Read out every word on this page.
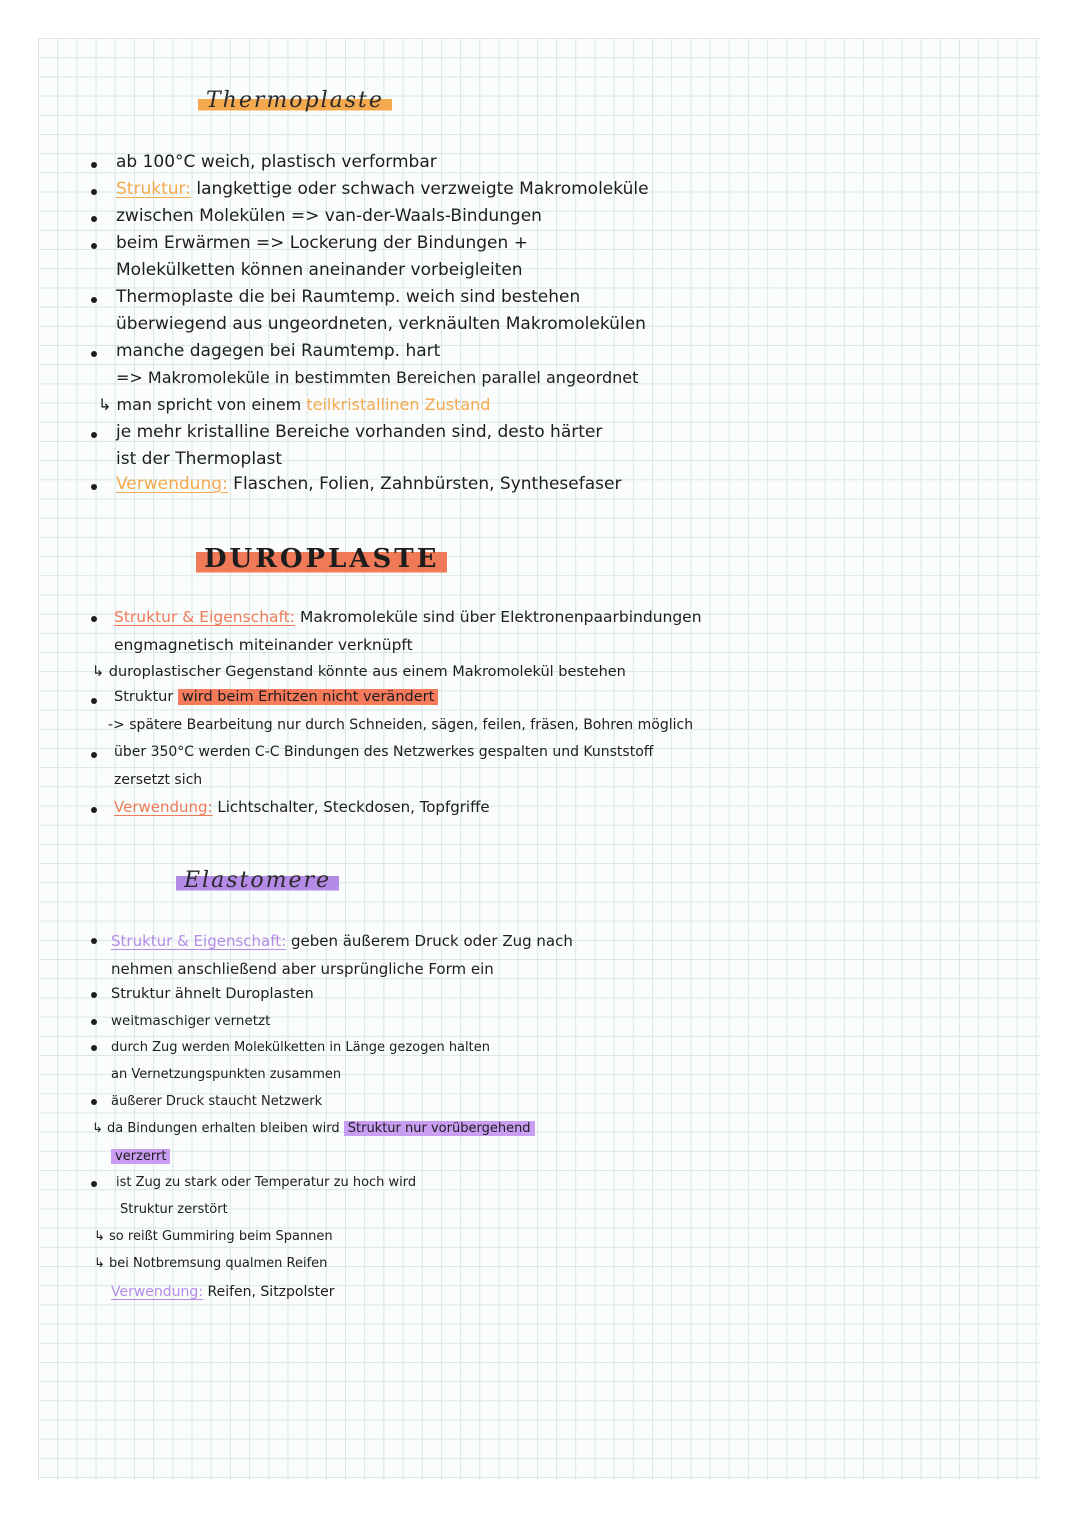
Thermoplaste
ab 100°C weich, plastisch verformbar
Struktur: langkettige oder schwach verzweigte Makromoleküle
zwischen Molekülen => van-der-Waals-Bindungen
beim Erwärmen => Lockerung der Bindungen +
Molekülketten können aneinander vorbeigleiten
Thermoplaste die bei Raumtemp. weich sind bestehen
überwiegend aus ungeordneten, verknäulten Makromolekülen
manche dagegen bei Raumtemp. hart
=> Makromoleküle in bestimmten Bereichen parallel angeordnet
↳ man spricht von einem teilkristallinen Zustand
je mehr kristalline Bereiche vorhanden sind, desto härter
ist der Thermoplast
Verwendung: Flaschen, Folien, Zahnbürsten, Synthesefaser
DUROPLASTE
Struktur & Eigenschaft: Makromoleküle sind über Elektronenpaarbindungen
engmagnetisch miteinander verknüpft
↳ duroplastischer Gegenstand könnte aus einem Makromolekül bestehen
Struktur wird beim Erhitzen nicht verändert
-> spätere Bearbeitung nur durch Schneiden, sägen, feilen, fräsen, Bohren möglich
über 350°C werden C-C Bindungen des Netzwerkes gespalten und Kunststoff
zersetzt sich
Verwendung: Lichtschalter, Steckdosen, Topfgriffe
Elastomere
Struktur & Eigenschaft: geben äußerem Druck oder Zug nach
nehmen anschließend aber ursprüngliche Form ein
Struktur ähnelt Duroplasten
weitmaschiger vernetzt
durch Zug werden Molekülketten in Länge gezogen halten
an Vernetzungspunkten zusammen
äußerer Druck staucht Netzwerk
↳ da Bindungen erhalten bleiben wird Struktur nur vorübergehend
verzerrt
ist Zug zu stark oder Temperatur zu hoch wird
Struktur zerstört
↳ so reißt Gummiring beim Spannen
↳ bei Notbremsung qualmen Reifen
Verwendung: Reifen, Sitzpolster
